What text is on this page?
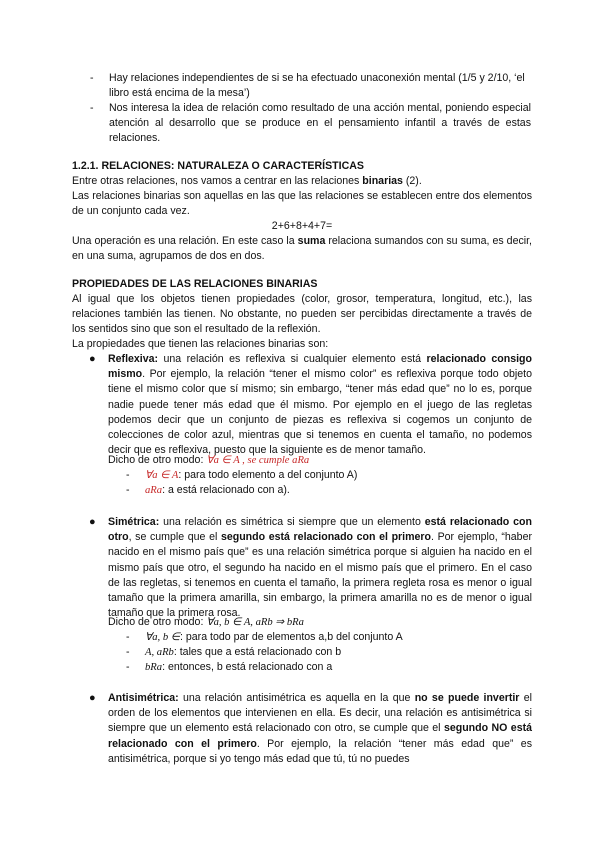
- Hay relaciones independientes de si se ha efectuado unaconexión mental (1/5 y 2/10, ‘el libro está encima de la mesa’)
- Nos interesa la idea de relación como resultado de una acción mental, poniendo especial atención al desarrollo que se produce en el pensamiento infantil a través de estas relaciones.
1.2.1. RELACIONES: NATURALEZA O CARACTERÍSTICAS
Entre otras relaciones, nos vamos a centrar en las relaciones binarias (2).
Las relaciones binarias son aquellas en las que las relaciones se establecen entre dos elementos de un conjunto cada vez.
2+6+8+4+7=
Una operación es una relación. En este caso la suma relaciona sumandos con su suma, es decir, en una suma, agrupamos de dos en dos.
PROPIEDADES DE LAS RELACIONES BINARIAS
Al igual que los objetos tienen propiedades (color, grosor, temperatura, longitud, etc.), las relaciones también las tienen. No obstante, no pueden ser percibidas directamente a través de los sentidos sino que son el resultado de la reflexión.
La propiedades que tienen las relaciones binarias son:
● Reflexiva: una relación es reflexiva si cualquier elemento está relacionado consigo mismo. Por ejemplo, la relación “tener el mismo color” es reflexiva porque todo objeto tiene el mismo color que sí mismo; sin embargo, “tener más edad que” no lo es, porque nadie puede tener más edad que él mismo. Por ejemplo en el juego de las regletas podemos decir que un conjunto de piezas es reflexiva si cogemos un conjunto de colecciones de color azul, mientras que si tenemos en cuenta el tamaño, no podemos decir que es reflexiva, puesto que la siguiente es de menor tamaño.
Dicho de otro modo: ∀a ∈ A , se cumple aRa
- ∀a ∈ A: para todo elemento a del conjunto A)
- aRa: a está relacionado con a).
● Simétrica: una relación es simétrica si siempre que un elemento está relacionado con otro, se cumple que el segundo está relacionado con el primero. Por ejemplo, “haber nacido en el mismo país que” es una relación simétrica porque si alguien ha nacido en el mismo país que otro, el segundo ha nacido en el mismo país que el primero. En el caso de las regletas, si tenemos en cuenta el tamaño, la primera regleta rosa es menor o igual tamaño que la primera amarilla, sin embargo, la primera amarilla no es de menor o igual tamaño que la primera rosa.
Dicho de otro modo: ∀a, b ∈ A, aRb ⇒ bRa
- ∀a, b ∈: para todo par de elementos a,b del conjunto A
- A, aRb: tales que a está relacionado con b
- bRa: entonces, b está relacionado con a
● Antisimétrica: una relación antisimétrica es aquella en la que no se puede invertir el orden de los elementos que intervienen en ella. Es decir, una relación es antisimétrica si siempre que un elemento está relacionado con otro, se cumple que el segundo NO está relacionado con el primero. Por ejemplo, la relación “tener más edad que” es antisimétrica, porque si yo tengo más edad que tú, tú no puedes
